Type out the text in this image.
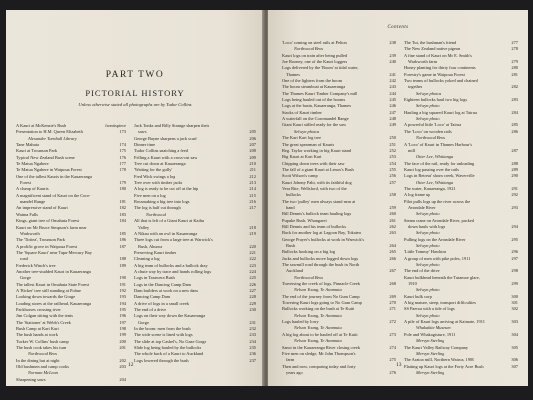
PART TWO
PICTORIAL HISTORY
Unless otherwise stated all photographs are by Tudor Collins
A Kauri at McKenzie's Bush	frontispiece
Presentation to H.M. Queen Elizabeth	173
Alexander Turnbull Library
Tane Mahuta	174
Kauri at Trounson Park	175
Typical New Zealand Bush scene	176
Te Matua Ngahere	177
Te Matua Ngahere in Waipoua Forest	178
One of the tallest Kauris in the Kauaeranga
Forest	179
A clump of Kauris	180
A magnificent stand of Kauri on the Coro-
mandel Range	181
An impressive stand of Kauri	182
Waima Falls	183
Kings, giant tree of Omahuta Forest	184
Kauri on Mr Bruce Simpson's farm near
Warkworth	185
The 'Tiritea', Trounson Park	186
A prolific grove in Waipoua Forest	187
The 'Square Kauri' near Tapu-Mercury Bay
road	188
Frederick Winch's tree	189
Another tree-studded Kauri in Kauaeranga
Gorge	190
The tallest Kauri in Omahuta State Forest	191
A 'Ricker' tree still standing at Pohue	192
Looking down towards the Gorge	193
Loading stores at the railhead, Kauaeranga	194
Packhorses crossing river	195
Jim Colgan sitting with the tents	196
The 'Stationer' at Webb's Creek	197
Bush Camp at Kari Kari	198
The bush hands at work	199
Tucker W. Collins' bush camp	200
The bush cook takes his turn	201
Northwood Bros
In the dining hut at night	202
Old bushmen and camp cooks	203
Norman McLean
Sharpening saws	204
Jack Tonks and Billy Strange sharpen their
saws	205
George Bayne sharpens a jack scarf	206
Dinner time	207
Tudor Collins snatching a feed	208
Felling a Kauri with a cross-cut saw	209
Tree cut down at Kauaeranga	210
'Waiting for the gully'	211
Fred Wick swings a log	212
Tree over with timber jacks	213
A log is ready to be cut off at the hip	214
Five men on a log	215
Rossmaking a big tree into logs	216
The log is half cut through	217
Northwood
All that is left of a Giant Kauri at Kaihu
Valley	218
A Nikau with an owl in Kauaeranga	219
Three logs cut from a large tree at Warwick's
Bush, Ahuroa	220
Preserving Kauri timber	221
Cleaning a log	222
A big team of bullocks and a bullock dray	223
A chute way by trace and hands rolling logs	224
Logs in Tarawera Bush	225
Logs in the Dancing Camp Dam	226
Dam builders at work on a new dam	227
Dancing Camp Dam	228
A drive of logs in a small creek	229
The end of a drive	230
Logs on their way down the Kauaeranga
Gorge	231
In the boom: men from the bush	232
The wide scene is lined with logs	233
The slide at top Cashel's, No Gaze Gorge	234
Slide log being hauled by the bullocks	235
The whole back of a Kauri to Auckland	236
Logs lowered through the bush	237
12
Contents
'Loco' coming on steel rails at Pelton	238
Northwood Bros
Kauri logs on train after being pulled	239
Joe Rooney, one of the Kauri loggers	240
Logs delivered by the 'Boom' at tidal water,
Thames	241
One of the lighters from the boom	242
The boom steamboat at Kauaeranga	243
The Thames Kauri Timber Company's mill	244
Logs being hauled out of the booms	245
Logs at the basin, Kauaeranga, Thames	246
Stacks of Kauri timber	247
A waterfall on the Coromandel Range	248
Giant Kauri stilled ready for the saw	249
Selwyn photos
The Kari Kari log tree	250
The great spearman of Kauris	251
Reg. Taylor working in big Kauri stand	252
Big Kauri at Kari Kari	253
Chipping down trees with their saw	254
The fall of a giant Kauri at Lenox's Bush	255
Scott Wilson's camp	256
Kauri Johnny Pahi, with its faithful dog	257
Vera Rite, Wellsford, with two of the
bullocks	258
The two 'pulley' men always stand near at
hand	259
Bill Dennis's bullock team hauling logs	260
Pupuke Bush, Whangarei	261
Bill Dennis and his team of bullocks	262
Back for another log at Lagoon Bay, Tokatea	263
George Prayer's bullocks at work in Warwick's
Bush	264
Bullocks hooking on a big log	265
Jacks and bullocks move logged down logs	266
The sawmill road through the bush in North
Auckland	267
Northwood Bros
Traversing the creek of logs, Pinnacle Creek	268
Nelson Young, Te Awamutu
The end of the journey from No Gum Camp	269
Towering Kauri logs going to No Gum Camp	270
Bullocks working on the bush at Te Kuiti	271
Nelson Young, Te Awamutu
Logs hauled by lorry	272
Nelson Young, Te Awamutu
A big log about to be hauled off at Te Kuiti	273
Nelson Young, Te Awamutu
Sanct in the Kauaeranga River closing creek	274
Five men on sledge, Mr John Thompson's
farm	275
Then and now, comparing today and forty
years ago	276
The Tui, the bushman's friend	277
The New Zealand native pigeon	278
A fine stand of Kauri on Mr E. Smith's
Warkworth farm	279
Honey planting for thirty four continents	280
Forestry's game in Waipoua Forest	281
Two teams of bullocks yoked and chained
together	282
Selwyn photos
Eighteen bullocks haul two big logs	283
Selwyn photo
Hauling a big squared Kauri log at Tairua	284
Selwyn photo
A powerful little 'Loco' at Tairua	285
The 'Loco' on wooden rails	286
Northwood Bros
A 'Loco' of Kauri in Thames Harbour's
mill	287
Otter Lee, Whitianga
The face of the rail, ready for unloading	288
Kauri log passing over the rails	289
Logs in Retreat' shorn creek, Waverville	290
Otter Lee, Whitianga
The water, Kauaeranga, 1921	291
A log frame up	292
Pilot pulls logs up the river across the
Avondale River	293
Selwyn photo
Steam crane on Avondale River, packed
down hauls with logs	294
Selwyn photo
Pulling logs on the Avondale River	295
Selwyn photo
'Little Tommy' Hawkins	296
A group of men with pike poles, 1911	297
Selwyn photo
The end of the drive	298
Kauri bulkhead beneath the Tutamoe glare,
1910	299
Selwyn photo
Kauri bulk corp	300
A big mature, steep, transport difficulties	301
SS Paeroa with a tide of logs	302
Selwyn photo
A pile of Kauri logs arriving at Kaimate, 1911	303
Whakakite Museum
Pole and Whakagisture, 1911	304
Mervyn Sterling
The Kauri Valley Railway Company	305
Mervyn Sterling
The Aratoa mill, Northern Wairoa, 1900	306
Flatting up Kauri logs at the Forty Acre Bush	307
Mervyn Sterling
13
